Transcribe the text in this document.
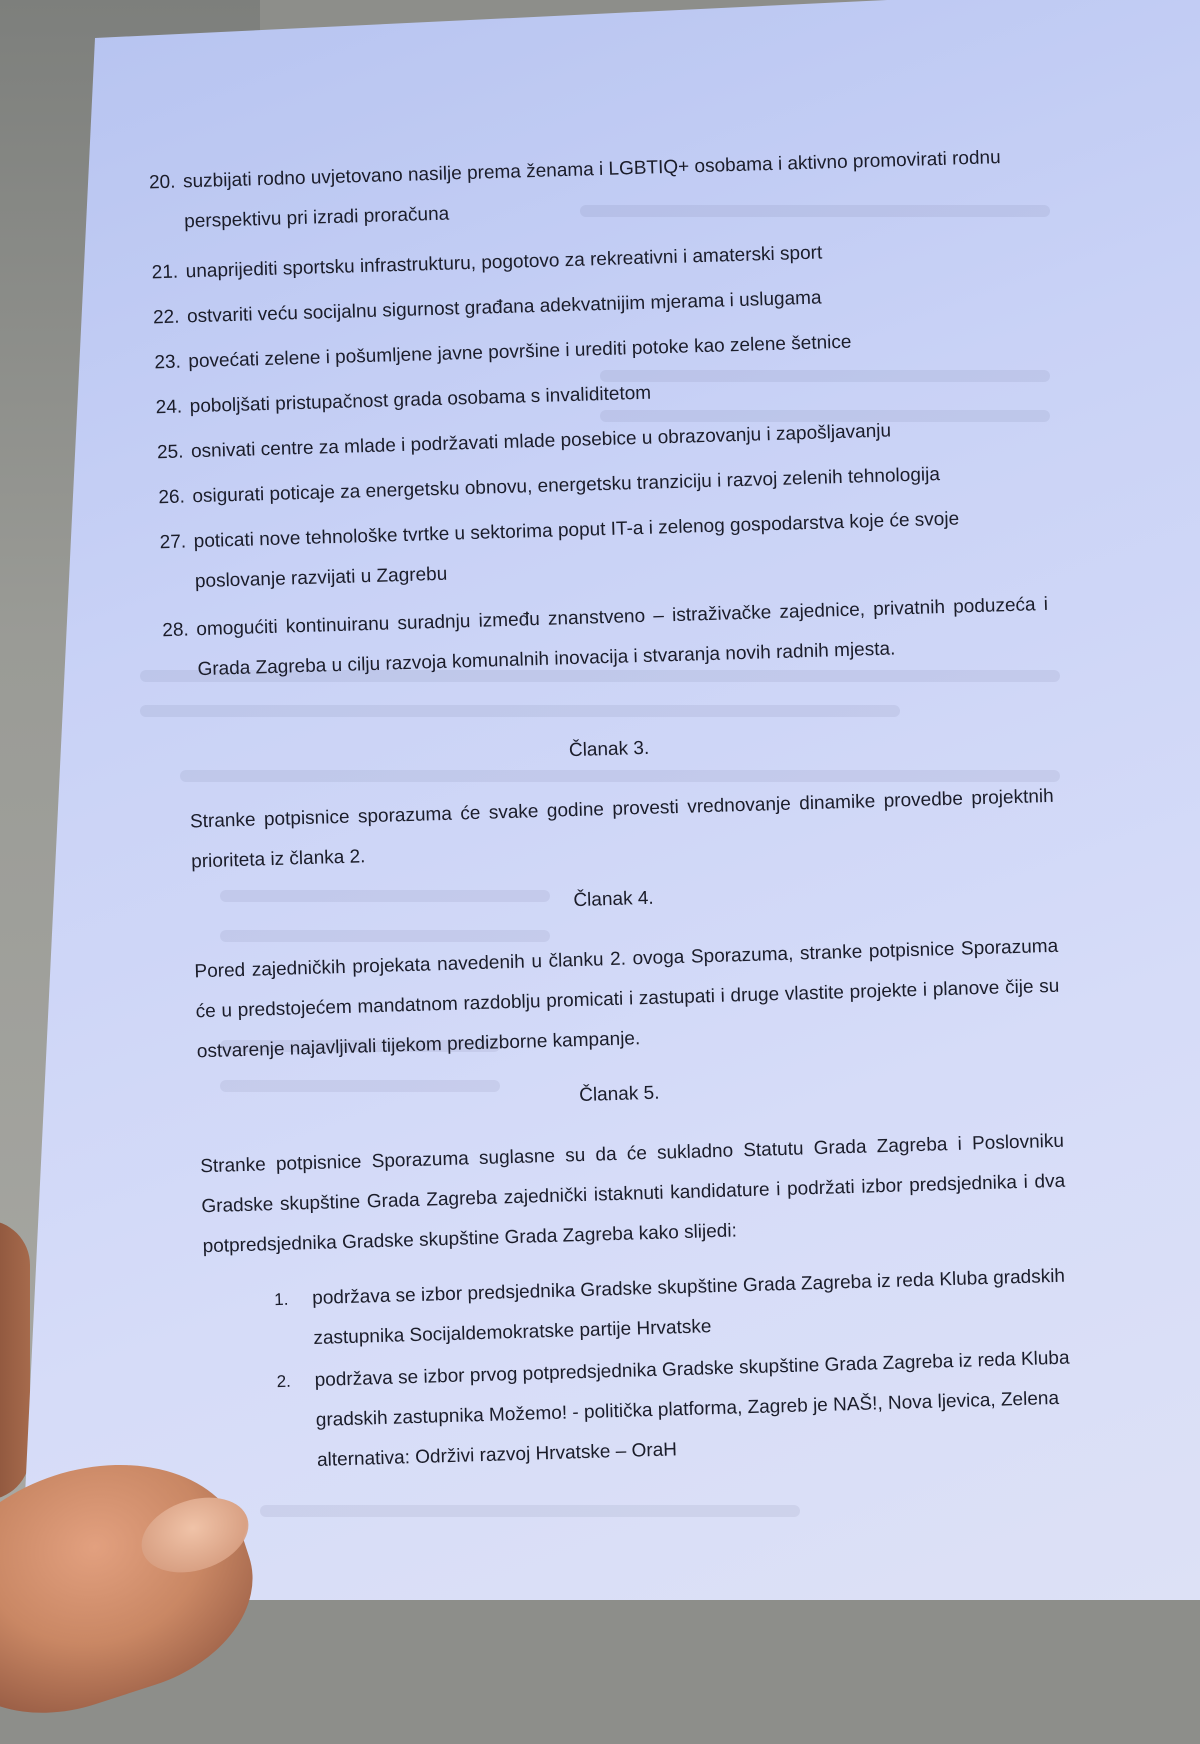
20. suzbijati rodno uvjetovano nasilje prema ženama i LGBTIQ+ osobama i aktivno promovirati rodnu perspektivu pri izradi proračuna
21. unaprijediti sportsku infrastrukturu, pogotovo za rekreativni i amaterski sport
22. ostvariti veću socijalnu sigurnost građana adekvatnijim mjerama i uslugama
23. povećati zelene i pošumljene javne površine i urediti potoke kao zelene šetnice
24. poboljšati pristupačnost grada osobama s invaliditetom
25. osnivati centre za mlade i podržavati mlade posebice u obrazovanju i zapošljavanju
26. osigurati poticaje za energetsku obnovu, energetsku tranziciju i razvoj zelenih tehnologija
27. poticati nove tehnološke tvrtke u sektorima poput IT-a i zelenog gospodarstva koje će svoje poslovanje razvijati u Zagrebu
28. omogućiti kontinuiranu suradnju između znanstveno – istraživačke zajednice, privatnih poduzeća i Grada Zagreba u cilju razvoja komunalnih inovacija i stvaranja novih radnih mjesta.
Članak 3.
Stranke potpisnice sporazuma će svake godine provesti vrednovanje dinamike provedbe projektnih prioriteta iz članka 2.
Članak 4.
Pored zajedničkih projekata navedenih u članku 2. ovoga Sporazuma, stranke potpisnice Sporazuma će u predstojećem mandatnom razdoblju promicati i zastupati i druge vlastite projekte i planove čije su ostvarenje najavljivali tijekom predizborne kampanje.
Članak 5.
Stranke potpisnice Sporazuma suglasne su da će sukladno Statutu Grada Zagreba i Poslovniku Gradske skupštine Grada Zagreba zajednički istaknuti kandidature i podržati izbor predsjednika i dva potpredsjednika Gradske skupštine Grada Zagreba kako slijedi:
1.	podržava se izbor predsjednika Gradske skupštine Grada Zagreba iz reda Kluba gradskih zastupnika Socijaldemokratske partije Hrvatske
2.	podržava se izbor prvog potpredsjednika Gradske skupštine Grada Zagreba iz reda Kluba gradskih zastupnika Možemo! - politička platforma, Zagreb je NAŠ!, Nova ljevica, Zelena alternativa: Održivi razvoj Hrvatske – OraH
